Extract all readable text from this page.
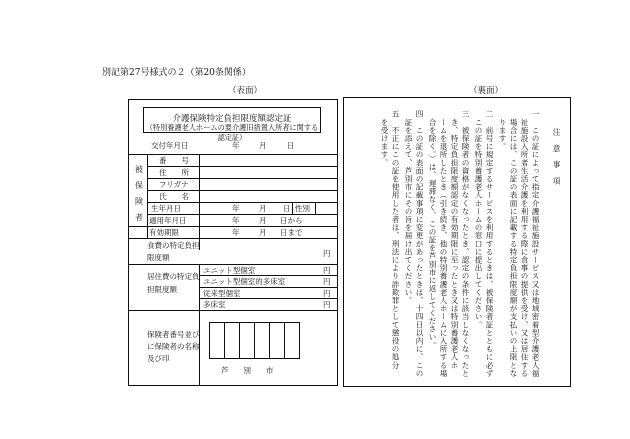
別記第27号様式の２（第20条関係）
（表面）	（裏面）
介護保険特定負担限度額認定証
（特別養護老人ホームの要介護旧措置入所者に関する認定証）
交付年月日	年	月	日
被
保
険
者
番　　号
住　　所
フリガナ
氏　　名
生年月日	年	月 日 性別
適用年月日	年	月 日から
有効期限	年	月 日まで
食費の特定負担
限度額	円
居住費の特定負
担限度額
ユニット型個室	円
ユニット型個室的多床室	円
従来型個室	円
多床室	円
保険者番号並び
に保険者の名称
及び印
芦　　別　　市
注　意　事　項
一　この証によって指定介護福祉施設サービス又は地域密着型介護老人福
　祉施設入所者生活介護を利用する際に食事の提供を受け、又は居住する
　場合には、この証の表面に記載する特定負担限度額が支払いの上限とな
　ります。
二　前号に規定するサービスを利用するときは、被保険者証とともに必ず
　この証を特別養護老人ホームの窓口に提出してください。
三　被保険者の資格がなくなったとき、認定の条件に該当しなくなったと
　き、特定負担限度額認定の有効期限に至ったとき又は特別養護老人ホ
　ームを退所したとき（引き続き、他の特別養護老人ホームに入所する場
　合を除く。）は、遅滞なく、この証を芦別市に返してください。
四　この証の表面の記載事項に変更があったときは、十四日以内に、この
　証を添えて、芦別市にその旨を届け出てください。
五　不正にこの証を使用した者は、刑法により詐欺罪として懲役の処分
　を受けます。
